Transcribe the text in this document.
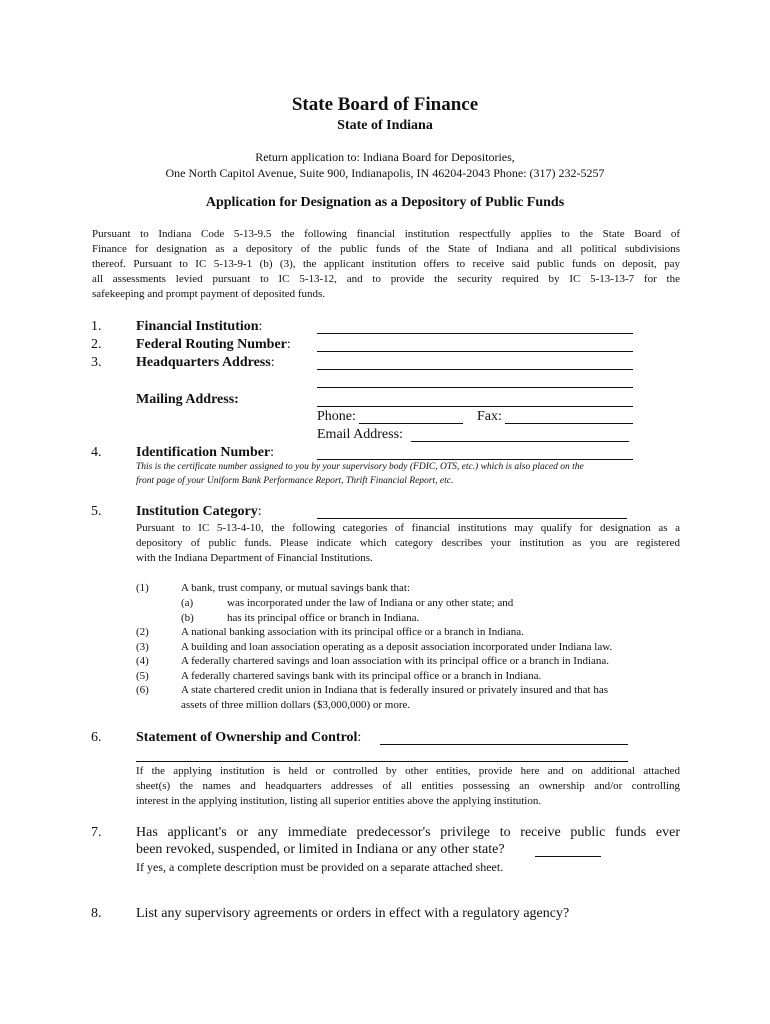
State Board of Finance
State of Indiana
Return application to: Indiana Board for Depositories,
One North Capitol Avenue, Suite 900, Indianapolis, IN 46204-2043 Phone: (317) 232-5257
Application for Designation as a Depository of Public Funds
Pursuant to Indiana Code 5-13-9.5 the following financial institution respectfully applies to the State Board of
Finance for designation as a depository of the public funds of the State of Indiana and all political subdivisions
thereof. Pursuant to IC 5-13-9-1 (b) (3), the applicant institution offers to receive said public funds on deposit, pay
all assessments levied pursuant to IC 5-13-12, and to provide the security required by IC 5-13-13-7 for the
safekeeping and prompt payment of deposited funds.
1. Financial Institution:
2. Federal Routing Number:
3. Headquarters Address:
Mailing Address:
Phone:	Fax:
Email Address:
4. Identification Number:
This is the certificate number assigned to you by your supervisory body (FDIC, OTS, etc.) which is also placed on the
front page of your Uniform Bank Performance Report, Thrift Financial Report, etc.
5. Institution Category:
Pursuant to IC 5-13-4-10, the following categories of financial institutions may qualify for designation as a
depository of public funds. Please indicate which category describes your institution as you are registered
with the Indiana Department of Financial Institutions.
(1)	A bank, trust company, or mutual savings bank that:
(a)	was incorporated under the law of Indiana or any other state; and
(b)	has its principal office or branch in Indiana.
(2)	A national banking association with its principal office or a branch in Indiana.
(3)	A building and loan association operating as a deposit association incorporated under Indiana law.
(4)	A federally chartered savings and loan association with its principal office or a branch in Indiana.
(5)	A federally chartered savings bank with its principal office or a branch in Indiana.
(6)	A state chartered credit union in Indiana that is federally insured or privately insured and that has
assets of three million dollars ($3,000,000) or more.
6. Statement of Ownership and Control:
If the applying institution is held or controlled by other entities, provide here and on additional attached
sheet(s) the names and headquarters addresses of all entities possessing an ownership and/or controlling
interest in the applying institution, listing all superior entities above the applying institution.
7. Has applicant's or any immediate predecessor's privilege to receive public funds ever
been revoked, suspended, or limited in Indiana or any other state?
If yes, a complete description must be provided on a separate attached sheet.
8. List any supervisory agreements or orders in effect with a regulatory agency?
